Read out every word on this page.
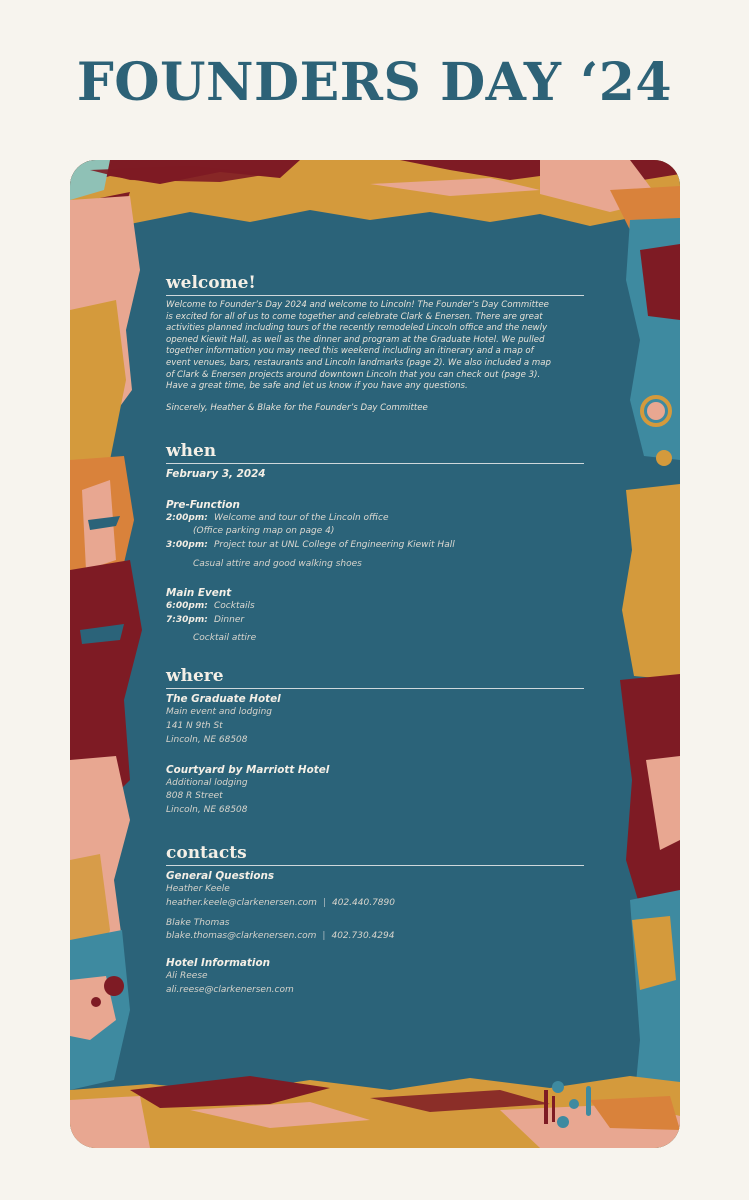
FOUNDERS DAY ‘24
welcome!
Welcome to Founder’s Day 2024 and welcome to Lincoln! The Founder’s Day Committee
is excited for all of us to come together and celebrate Clark & Enersen. There are great
activities planned including tours of the recently remodeled Lincoln office and the newly
opened Kiewit Hall, as well as the dinner and program at the Graduate Hotel. We pulled
together information you may need this weekend including an itinerary and a map of
event venues, bars, restaurants and Lincoln landmarks (page 2). We also included a map
of Clark & Enersen projects around downtown Lincoln that you can check out (page 3).
Have a great time, be safe and let us know if you have any questions.
Sincerely, Heather & Blake for the Founder’s Day Committee
when
February 3, 2024
Pre-Function
2:00pm: Welcome and tour of the Lincoln office
(Office parking map on page 4)
3:00pm: Project tour at UNL College of Engineering Kiewit Hall
Casual attire and good walking shoes
Main Event
6:00pm: Cocktails
7:30pm: Dinner
Cocktail attire
where
The Graduate Hotel
Main event and lodging
141 N 9th St
Lincoln, NE 68508
Courtyard by Marriott Hotel
Additional lodging
808 R Street
Lincoln, NE 68508
contacts
General Questions
Heather Keele
heather.keele@clarkenersen.com | 402.440.7890
Blake Thomas
blake.thomas@clarkenersen.com | 402.730.4294
Hotel Information
Ali Reese
ali.reese@clarkenersen.com
